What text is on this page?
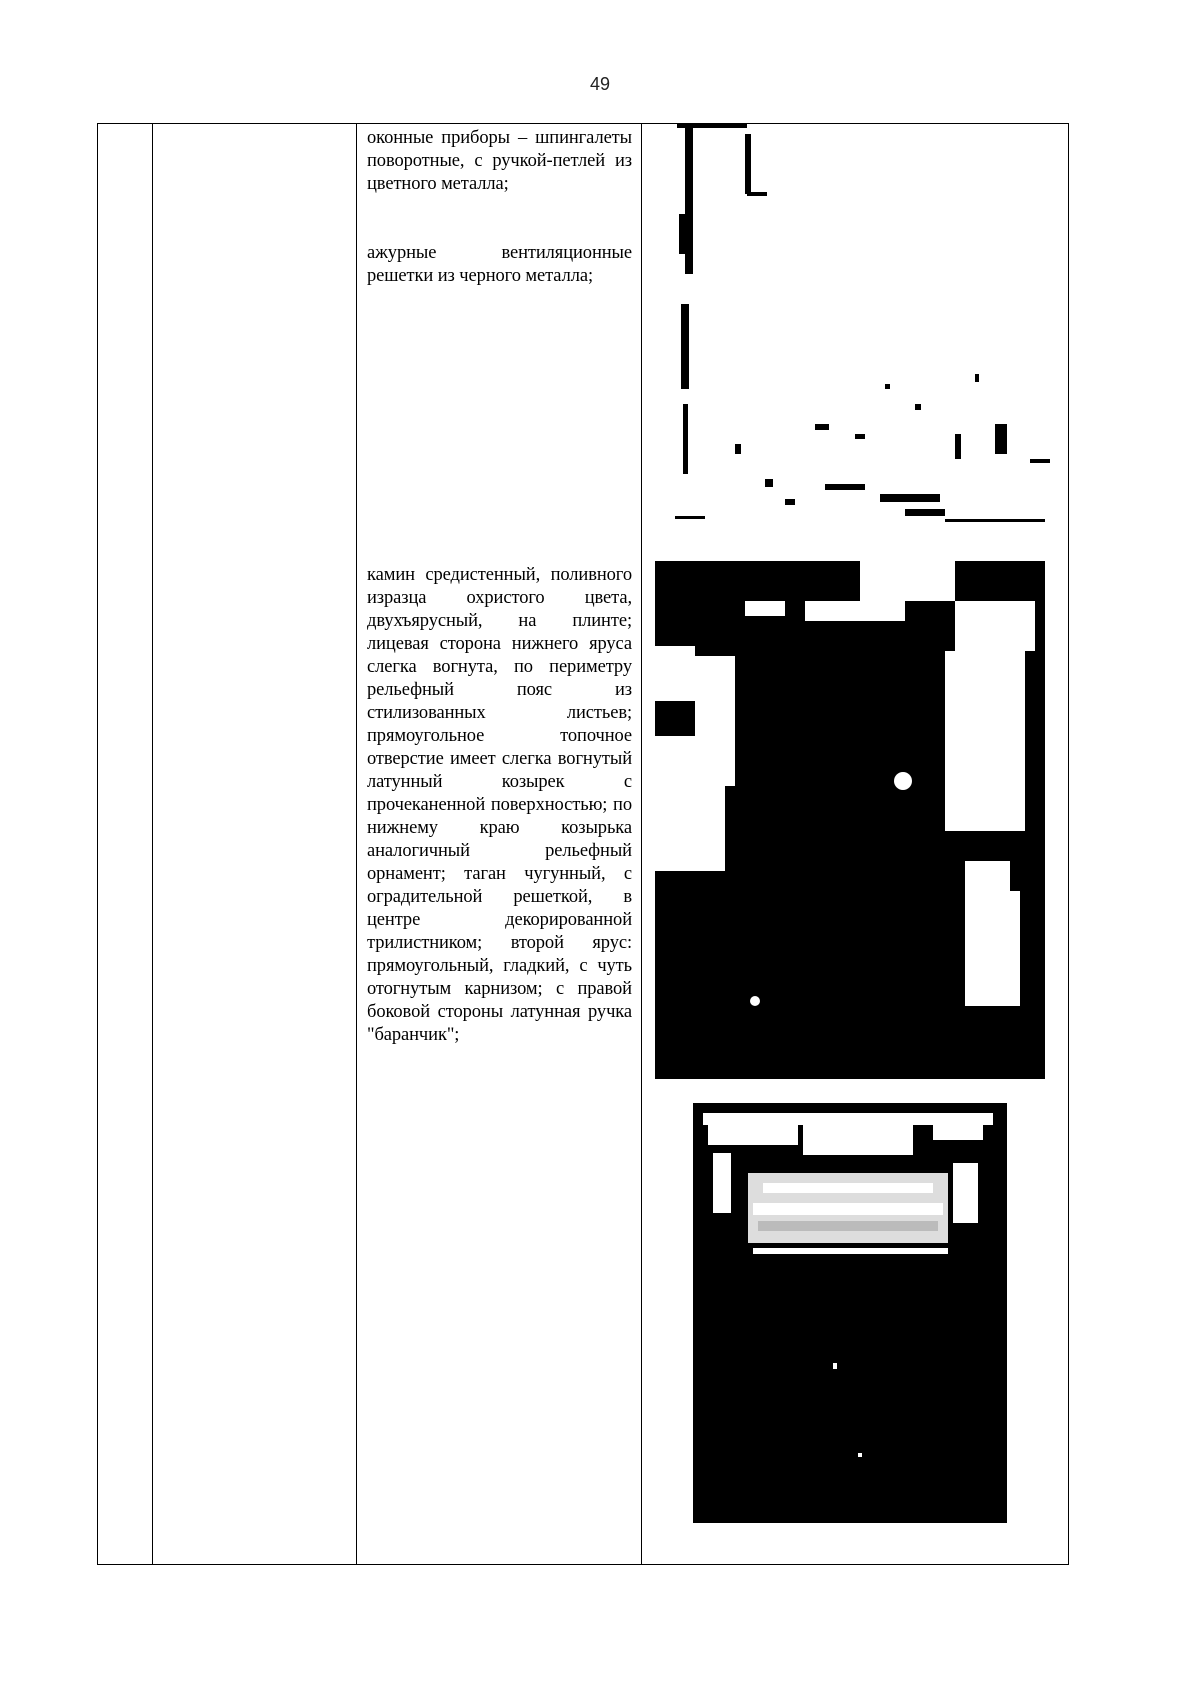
49
оконные приборы – шпингалеты поворотные, с ручкой-петлей из цветного металла;
ажурные вентиляционные решетки из черного металла;
камин средистенный, поливного изразца охристого цвета, двухъярусный, на плинте; лицевая сторона нижнего яруса слегка вогнута, по периметру рельефный пояс из стилизованных листьев; прямоугольное топочное отверстие имеет слегка вогнутый латунный козырек с прочеканенной поверхностью; по нижнему краю козырька аналогичный рельефный орнамент; таган чугунный, с оградительной решеткой, в центре декорированной трилистником; второй ярус: прямоугольный, гладкий, с чуть отогнутым карнизом; с правой боковой стороны латунная ручка "баранчик";
